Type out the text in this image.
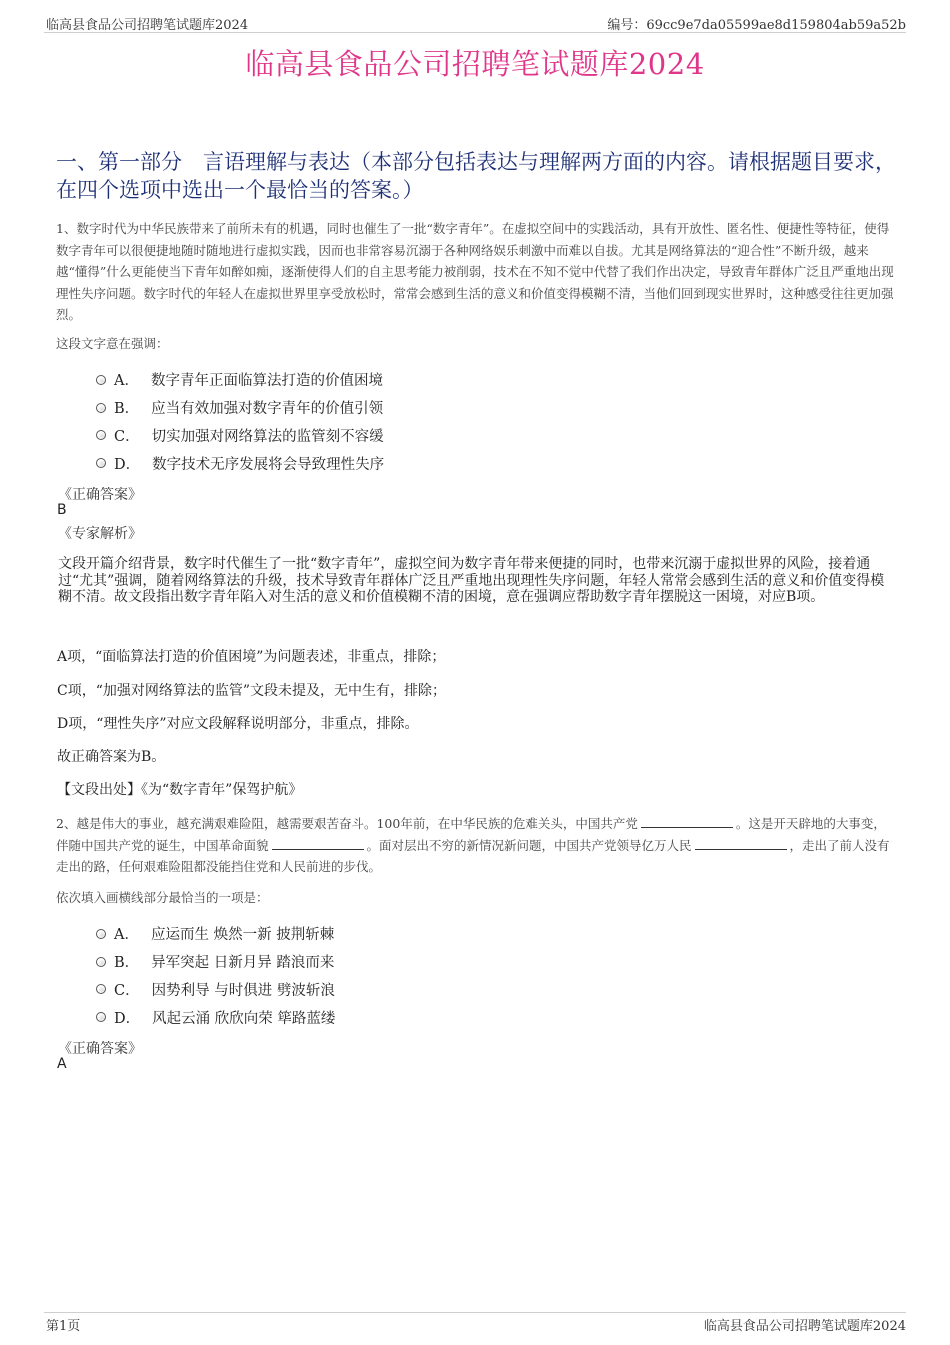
临高县食品公司招聘笔试题库2024	编号：69cc9e7da05599ae8d159804ab59a52b
临高县食品公司招聘笔试题库2024
一、第一部分　言语理解与表达（本部分包括表达与理解两方面的内容。请根据题目要求，在四个选项中选出一个最恰当的答案。）
1、数字时代为中华民族带来了前所未有的机遇，同时也催生了一批“数字青年”。在虚拟空间中的实践活动，具有开放性、匿名性、便捷性等特征，使得数字青年可以很便捷地随时随地进行虚拟实践，因而也非常容易沉溺于各种网络娱乐刺激中而难以自拔。尤其是网络算法的“迎合性”不断升级，越来越“懂得”什么更能使当下青年如醉如痴，逐渐使得人们的自主思考能力被削弱，技术在不知不觉中代替了我们作出决定，导致青年群体广泛且严重地出现理性失序问题。数字时代的年轻人在虚拟世界里享受放松时，常常会感到生活的意义和价值变得模糊不清，当他们回到现实世界时，这种感受往往更加强烈。
这段文字意在强调：
A． 数字青年正面临算法打造的价值困境
B． 应当有效加强对数字青年的价值引领
C． 切实加强对网络算法的监管刻不容缓
D． 数字技术无序发展将会导致理性失序
《正确答案》
B
《专家解析》
文段开篇介绍背景，数字时代催生了一批“数字青年”，虚拟空间为数字青年带来便捷的同时，也带来沉溺于虚拟世界的风险，接着通过“尤其”强调，随着网络算法的升级，技术导致青年群体广泛且严重地出现理性失序问题，年轻人常常会感到生活的意义和价值变得模糊不清。故文段指出数字青年陷入对生活的意义和价值模糊不清的困境，意在强调应帮助数字青年摆脱这一困境，对应B项。
A项，“面临算法打造的价值困境”为问题表述，非重点，排除；
C项，“加强对网络算法的监管”文段未提及，无中生有，排除；
D项，“理性失序”对应文段解释说明部分，非重点，排除。
故正确答案为B。
【文段出处】《为“数字青年”保驾护航》
2、越是伟大的事业，越充满艰难险阻，越需要艰苦奋斗。100年前，在中华民族的危难关头，中国共产党	。这是开天辟地的大事变，伴随中国共产党的诞生，中国革命面貌	。面对层出不穷的新情况新问题，中国共产党领导亿万人民	，走出了前人没有走出的路，任何艰难险阻都没能挡住党和人民前进的步伐。
依次填入画横线部分最恰当的一项是：
A． 应运而生 焕然一新 披荆斩棘
B． 异军突起 日新月异 踏浪而来
C． 因势利导 与时俱进 劈波斩浪
D． 风起云涌 欣欣向荣 筚路蓝缕
《正确答案》
A
第1页	临高县食品公司招聘笔试题库2024
